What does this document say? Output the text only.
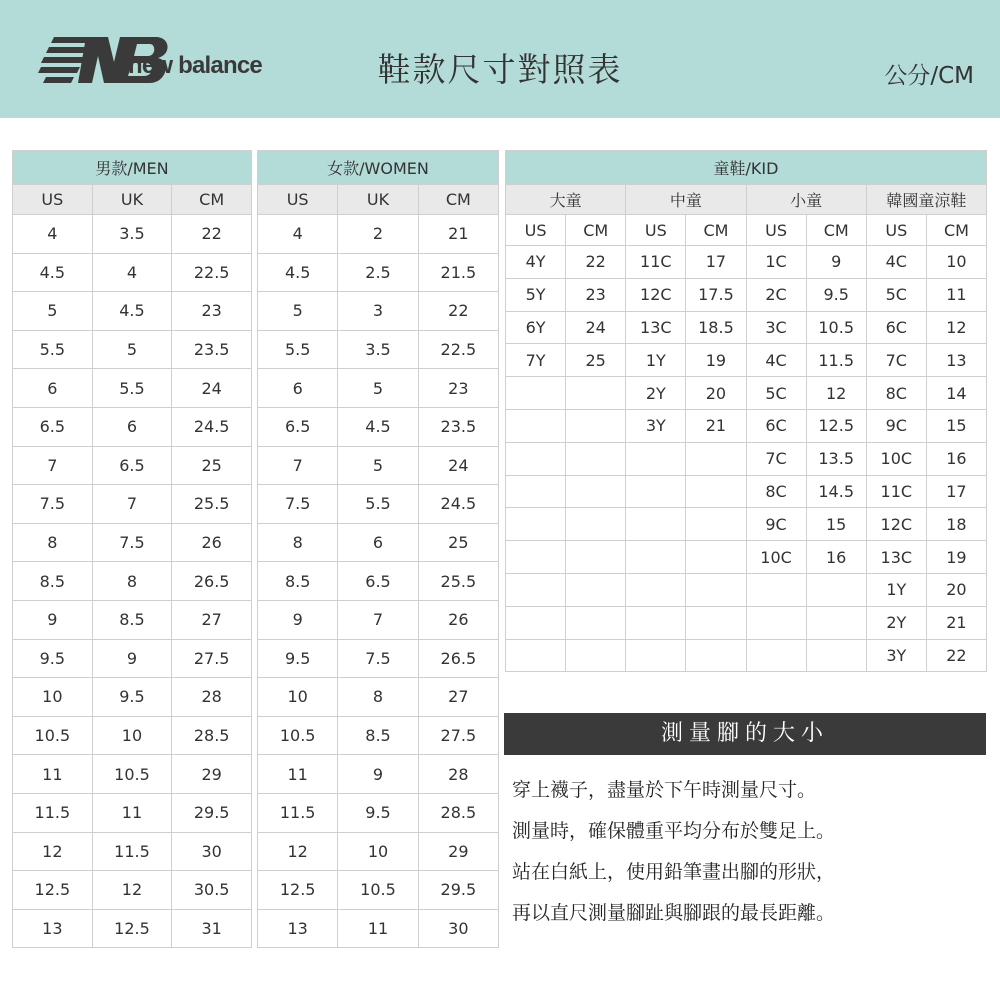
new balance	鞋款尺寸對照表	公分/CM
男款/MEN		
US	UK	CM
4	3.5	22
4.5	4	22.5
5	4.5	23
5.5	5	23.5
6	5.5	24
6.5	6	24.5
7	6.5	25
7.5	7	25.5
8	7.5	26
8.5	8	26.5
9	8.5	27
9.5	9	27.5
10	9.5	28
10.5	10	28.5
11	10.5	29
11.5	11	29.5
12	11.5	30
12.5	12	30.5
13	12.5	31
女款/WOMEN		
US	UK	CM
4	2	21
4.5	2.5	21.5
5	3	22
5.5	3.5	22.5
6	5	23
6.5	4.5	23.5
7	5	24
7.5	5.5	24.5
8	6	25
8.5	6.5	25.5
9	7	26
9.5	7.5	26.5
10	8	27
10.5	8.5	27.5
11	9	28
11.5	9.5	28.5
12	10	29
12.5	10.5	29.5
13	11	30
童鞋/KID							
大童		中童		小童		韓國童涼鞋	
US	CM	US	CM	US	CM	US	CM
4Y	22	11C	17	1C	9	4C	10
5Y	23	12C	17.5	2C	9.5	5C	11
6Y	24	13C	18.5	3C	10.5	6C	12
7Y	25	1Y	19	4C	11.5	7C	13
		2Y	20	5C	12	8C	14
		3Y	21	6C	12.5	9C	15
				7C	13.5	10C	16
				8C	14.5	11C	17
				9C	15	12C	18
				10C	16	13C	19
						1Y	20
						2Y	21
						3Y	22
測量腳的大小
穿上襪子，盡量於下午時測量尺寸。
測量時，確保體重平均分布於雙足上。
站在白紙上，使用鉛筆畫出腳的形狀，
再以直尺測量腳趾與腳跟的最長距離。
